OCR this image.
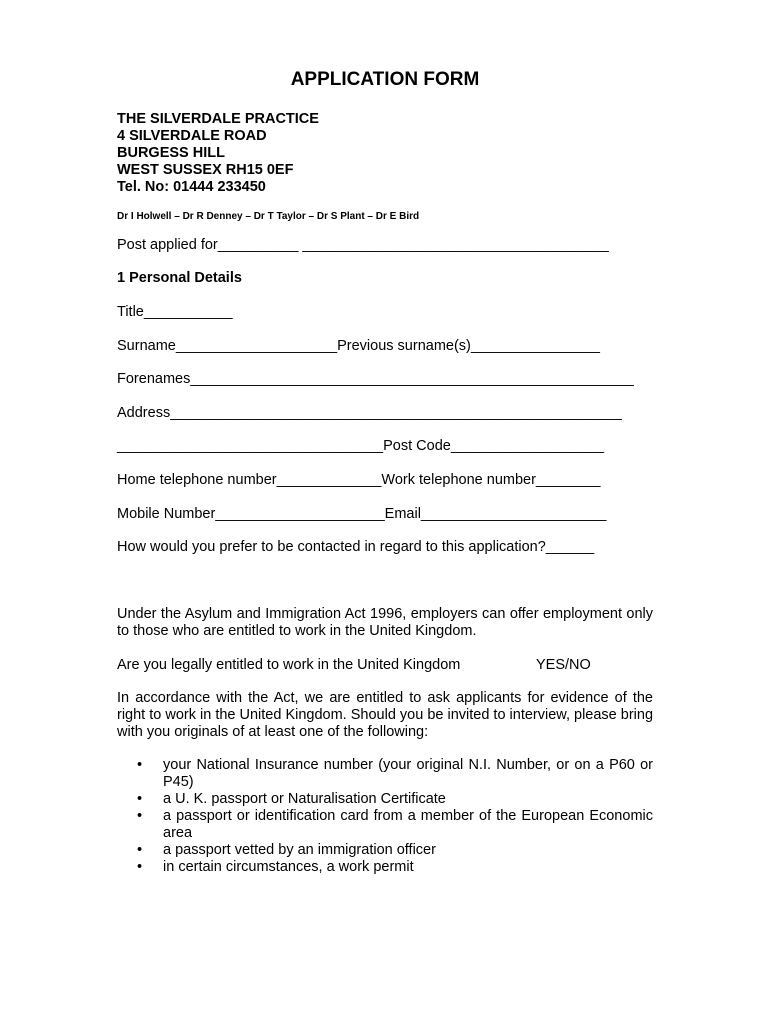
APPLICATION FORM
THE SILVERDALE PRACTICE
4 SILVERDALE ROAD
BURGESS HILL
WEST SUSSEX RH15 0EF
Tel. No: 01444 233450
Dr I Holwell – Dr R Denney – Dr T Taylor – Dr S Plant – Dr E Bird
Post applied for__________ ______________________________________
1 Personal Details
Title___________
Surname____________________Previous surname(s)________________
Forenames_______________________________________________________
Address________________________________________________________
_________________________________Post Code___________________
Home telephone number_____________Work telephone number________
Mobile Number_____________________Email_______________________
How would you prefer to be contacted in regard to this application?______
Under the Asylum and Immigration Act 1996, employers can offer employment only to those who are entitled to work in the United Kingdom.
Are you legally entitled to work in the United Kingdom	YES/NO
In accordance with the Act, we are entitled to ask applicants for evidence of the right to work in the United Kingdom. Should you be invited to interview, please bring with you originals of at least one of the following:
• your National Insurance number (your original N.I. Number, or on a P60 or P45)
• a U. K. passport or Naturalisation Certificate
• a passport or identification card from a member of the European Economic area
• a passport vetted by an immigration officer
• in certain circumstances, a work permit
